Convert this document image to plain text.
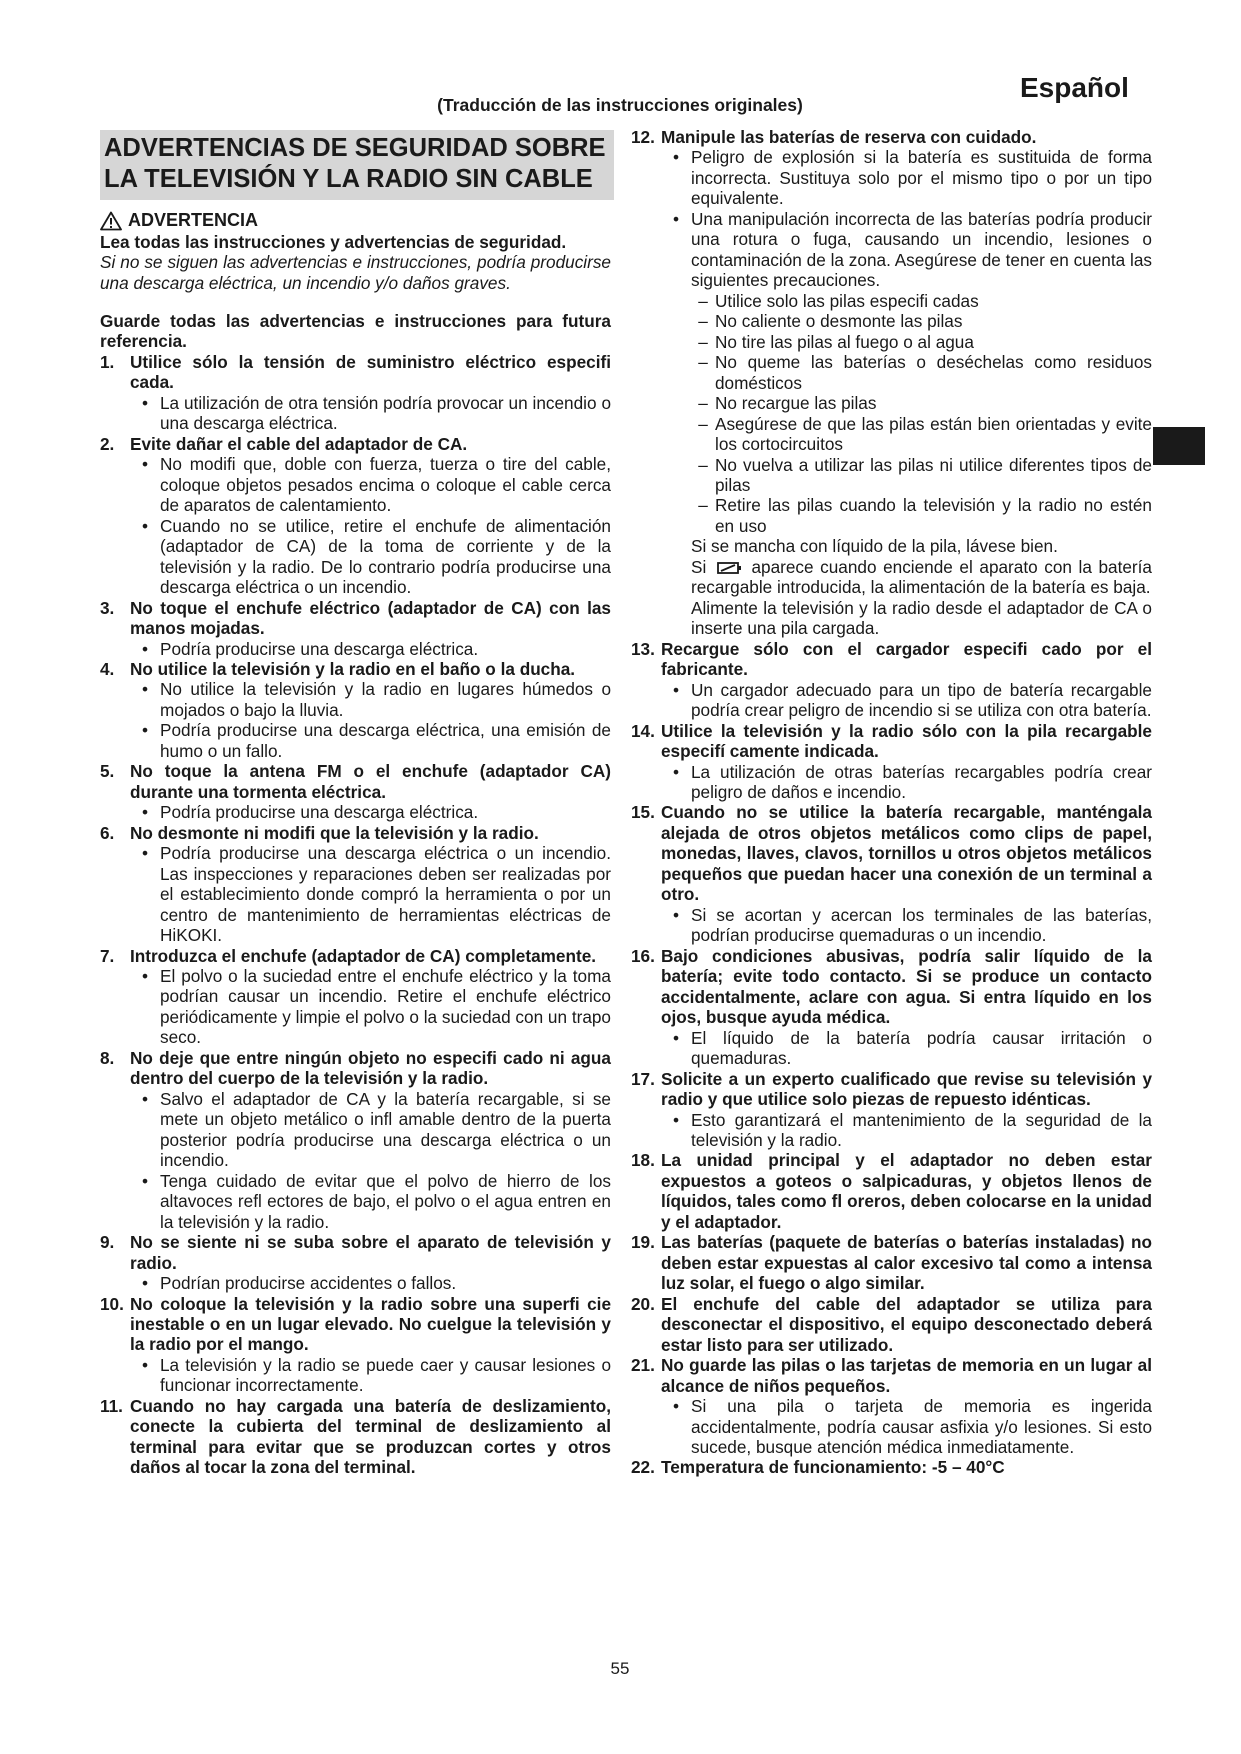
Español
(Traducción de las instrucciones originales)
ADVERTENCIAS DE SEGURIDAD SOBRE LA TELEVISIÓN Y LA RADIO SIN CABLE
ADVERTENCIA
Lea todas las instrucciones y advertencias de seguridad.
Si no se siguen las advertencias e instrucciones, podría producirse una descarga eléctrica, un incendio y/o daños graves.
Guarde todas las advertencias e instrucciones para futura referencia.
1. Utilice sólo la tensión de suministro eléctrico especifi cada.
• La utilización de otra tensión podría provocar un incendio o una descarga eléctrica.
2. Evite dañar el cable del adaptador de CA.
• No modifi que, doble con fuerza, tuerza o tire del cable, coloque objetos pesados encima o coloque el cable cerca de aparatos de calentamiento.
• Cuando no se utilice, retire el enchufe de alimentación (adaptador de CA) de la toma de corriente y de la televisión y la radio. De lo contrario podría producirse una descarga eléctrica o un incendio.
3. No toque el enchufe eléctrico (adaptador de CA) con las manos mojadas.
• Podría producirse una descarga eléctrica.
4. No utilice la televisión y la radio en el baño o la ducha.
• No utilice la televisión y la radio en lugares húmedos o mojados o bajo la lluvia.
• Podría producirse una descarga eléctrica, una emisión de humo o un fallo.
5. No toque la antena FM o el enchufe (adaptador CA) durante una tormenta eléctrica.
• Podría producirse una descarga eléctrica.
6. No desmonte ni modifi que la televisión y la radio.
• Podría producirse una descarga eléctrica o un incendio. Las inspecciones y reparaciones deben ser realizadas por el establecimiento donde compró la herramienta o por un centro de mantenimiento de herramientas eléctricas de HiKOKI.
7. Introduzca el enchufe (adaptador de CA) completamente.
• El polvo o la suciedad entre el enchufe eléctrico y la toma podrían causar un incendio. Retire el enchufe eléctrico periódicamente y limpie el polvo o la suciedad con un trapo seco.
8. No deje que entre ningún objeto no especifi cado ni agua dentro del cuerpo de la televisión y la radio.
• Salvo el adaptador de CA y la batería recargable, si se mete un objeto metálico o infl amable dentro de la puerta posterior podría producirse una descarga eléctrica o un incendio.
• Tenga cuidado de evitar que el polvo de hierro de los altavoces refl ectores de bajo, el polvo o el agua entren en la televisión y la radio.
9. No se siente ni se suba sobre el aparato de televisión y radio.
• Podrían producirse accidentes o fallos.
10. No coloque la televisión y la radio sobre una superfi cie inestable o en un lugar elevado. No cuelgue la televisión y la radio por el mango.
• La televisión y la radio se puede caer y causar lesiones o funcionar incorrectamente.
11. Cuando no hay cargada una batería de deslizamiento, conecte la cubierta del terminal de deslizamiento al terminal para evitar que se produzcan cortes y otros daños al tocar la zona del terminal.
12. Manipule las baterías de reserva con cuidado.
• Peligro de explosión si la batería es sustituida de forma incorrecta. Sustituya solo por el mismo tipo o por un tipo equivalente.
• Una manipulación incorrecta de las baterías podría producir una rotura o fuga, causando un incendio, lesiones o contaminación de la zona. Asegúrese de tener en cuenta las siguientes precauciones.
– Utilice solo las pilas especifi cadas
– No caliente o desmonte las pilas
– No tire las pilas al fuego o al agua
– No queme las baterías o deséchelas como residuos domésticos
– No recargue las pilas
– Asegúrese de que las pilas están bien orientadas y evite los cortocircuitos
– No vuelva a utilizar las pilas ni utilice diferentes tipos de pilas
– Retire las pilas cuando la televisión y la radio no estén en uso
Si se mancha con líquido de la pila, lávese bien.
Si	aparece cuando enciende el aparato con la batería recargable introducida, la alimentación de la batería es baja.
Alimente la televisión y la radio desde el adaptador de CA o inserte una pila cargada.
13. Recargue sólo con el cargador especifi cado por el fabricante.
• Un cargador adecuado para un tipo de batería recargable podría crear peligro de incendio si se utiliza con otra batería.
14. Utilice la televisión y la radio sólo con la pila recargable especifí camente indicada.
• La utilización de otras baterías recargables podría crear peligro de daños e incendio.
15. Cuando no se utilice la batería recargable, manténgala alejada de otros objetos metálicos como clips de papel, monedas, llaves, clavos, tornillos u otros objetos metálicos pequeños que puedan hacer una conexión de un terminal a otro.
• Si se acortan y acercan los terminales de las baterías, podrían producirse quemaduras o un incendio.
16. Bajo condiciones abusivas, podría salir líquido de la batería; evite todo contacto. Si se produce un contacto accidentalmente, aclare con agua. Si entra líquido en los ojos, busque ayuda médica.
• El líquido de la batería podría causar irritación o quemaduras.
17. Solicite a un experto cualificado que revise su televisión y radio y que utilice solo piezas de repuesto idénticas.
• Esto garantizará el mantenimiento de la seguridad de la televisión y la radio.
18. La unidad principal y el adaptador no deben estar expuestos a goteos o salpicaduras, y objetos llenos de líquidos, tales como fl oreros, deben colocarse en la unidad y el adaptador.
19. Las baterías (paquete de baterías o baterías instaladas) no deben estar expuestas al calor excesivo tal como a intensa luz solar, el fuego o algo similar.
20. El enchufe del cable del adaptador se utiliza para desconectar el dispositivo, el equipo desconectado deberá estar listo para ser utilizado.
21. No guarde las pilas o las tarjetas de memoria en un lugar al alcance de niños pequeños.
• Si una pila o tarjeta de memoria es ingerida accidentalmente, podría causar asfixia y/o lesiones. Si esto sucede, busque atención médica inmediatamente.
22. Temperatura de funcionamiento: -5 – 40°C
55
